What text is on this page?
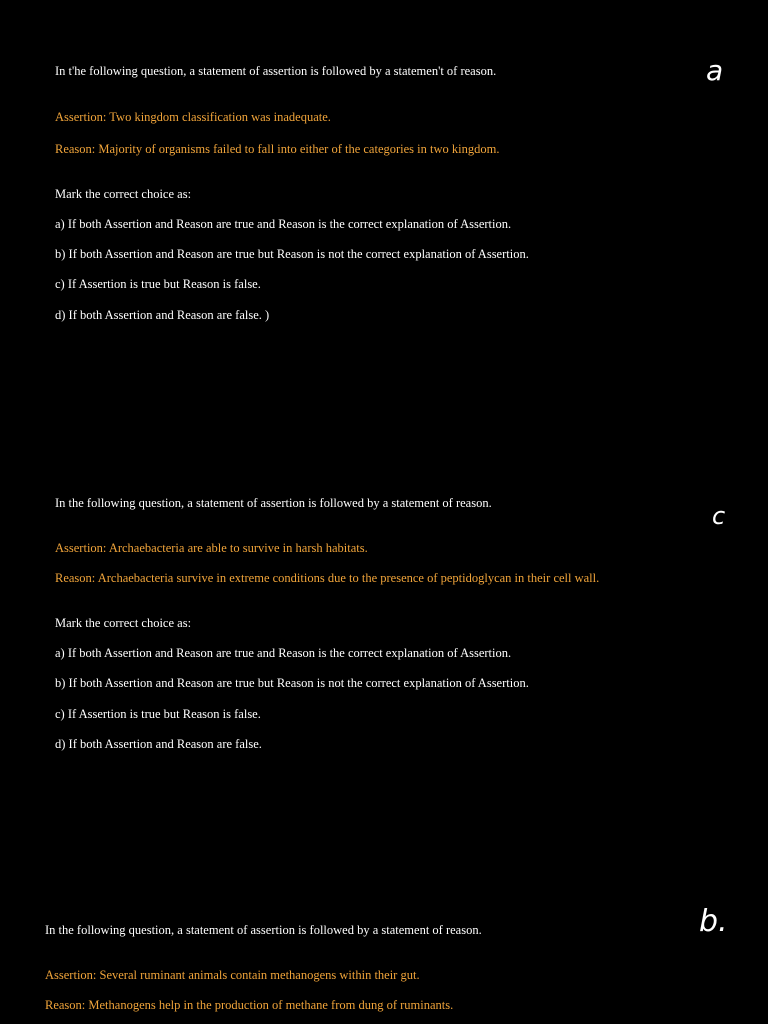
In t'he following question, a statement of assertion is followed by a statemen't of reason.
Assertion: Two kingdom classification was inadequate.
Reason: Majority of organisms failed to fall into either of the categories in two kingdom.
Mark the correct choice as:
a) If both Assertion and Reason are true and Reason is the correct explanation of Assertion.
b) If both Assertion and Reason are true but Reason is not the correct explanation of Assertion.
c) If Assertion is true but Reason is false.
d) If both Assertion and Reason are false. )
a
In the following question, a statement of assertion is followed by a statement of reason.
Assertion: Archaebacteria are able to survive in harsh habitats.
Reason: Archaebacteria survive in extreme conditions due to the presence of peptidoglycan in their cell wall.
Mark the correct choice as:
a) If both Assertion and Reason are true and Reason is the correct explanation of Assertion.
b) If both Assertion and Reason are true but Reason is not the correct explanation of Assertion.
c) If Assertion is true but Reason is false.
d) If both Assertion and Reason are false.
c
In the following question, a statement of assertion is followed by a statement of reason.
Assertion: Several ruminant animals contain methanogens within their gut.
Reason: Methanogens help in the production of methane from dung of ruminants.
b.
